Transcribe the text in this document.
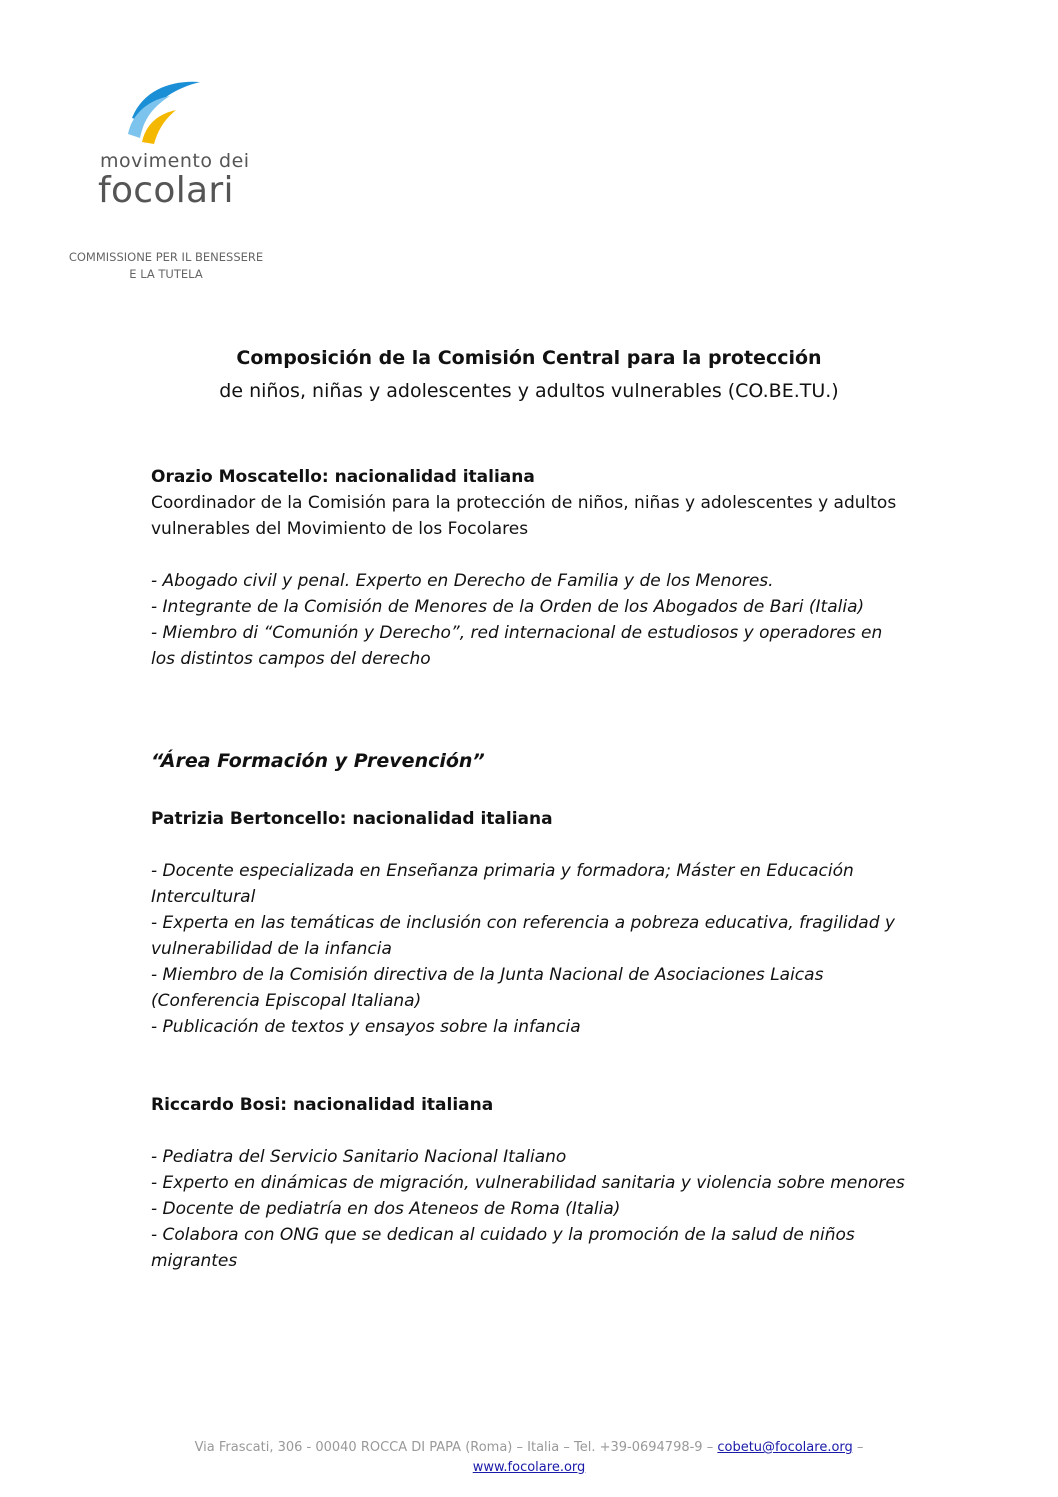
movimento dei
focolari
COMMISSIONE PER IL BENESSERE
E LA TUTELA
Composición de la Comisión Central para la protección
de niños, niñas y adolescentes y adultos vulnerables (CO.BE.TU.)

Orazio Moscatello: nacionalidad italiana

Coordinador de la Comisión para la protección de niños, niñas y adolescentes y adultos

vulnerables del Movimiento de los Focolares

- Abogado civil y penal. Experto en Derecho de Familia y de los Menores.

- Integrante de la Comisión de Menores de la Orden de los Abogados de Bari (Italia)

- Miembro di “Comunión y Derecho”, red internacional de estudiosos y operadores en

los distintos campos del derecho

“Área Formación y Prevención”

Patrizia Bertoncello: nacionalidad italiana

- Docente especializada en Enseñanza primaria y formadora; Máster en Educación

Intercultural

- Experta en las temáticas de inclusión con referencia a pobreza educativa, fragilidad y

vulnerabilidad de la infancia

- Miembro de la Comisión directiva de la Junta Nacional de Asociaciones Laicas

(Conferencia Episcopal Italiana)

- Publicación de textos y ensayos sobre la infancia

Riccardo Bosi: nacionalidad italiana

- Pediatra del Servicio Sanitario Nacional Italiano

- Experto en dinámicas de migración, vulnerabilidad sanitaria y violencia sobre menores

- Docente de pediatría en dos Ateneos de Roma (Italia)

- Colabora con ONG que se dedican al cuidado y la promoción de la salud de niños

migrantes

Via Frascati, 306 - 00040 ROCCA DI PAPA (Roma) – Italia – Tel. +39-0694798-9 – cobetu@focolare.org –
www.focolare.org
